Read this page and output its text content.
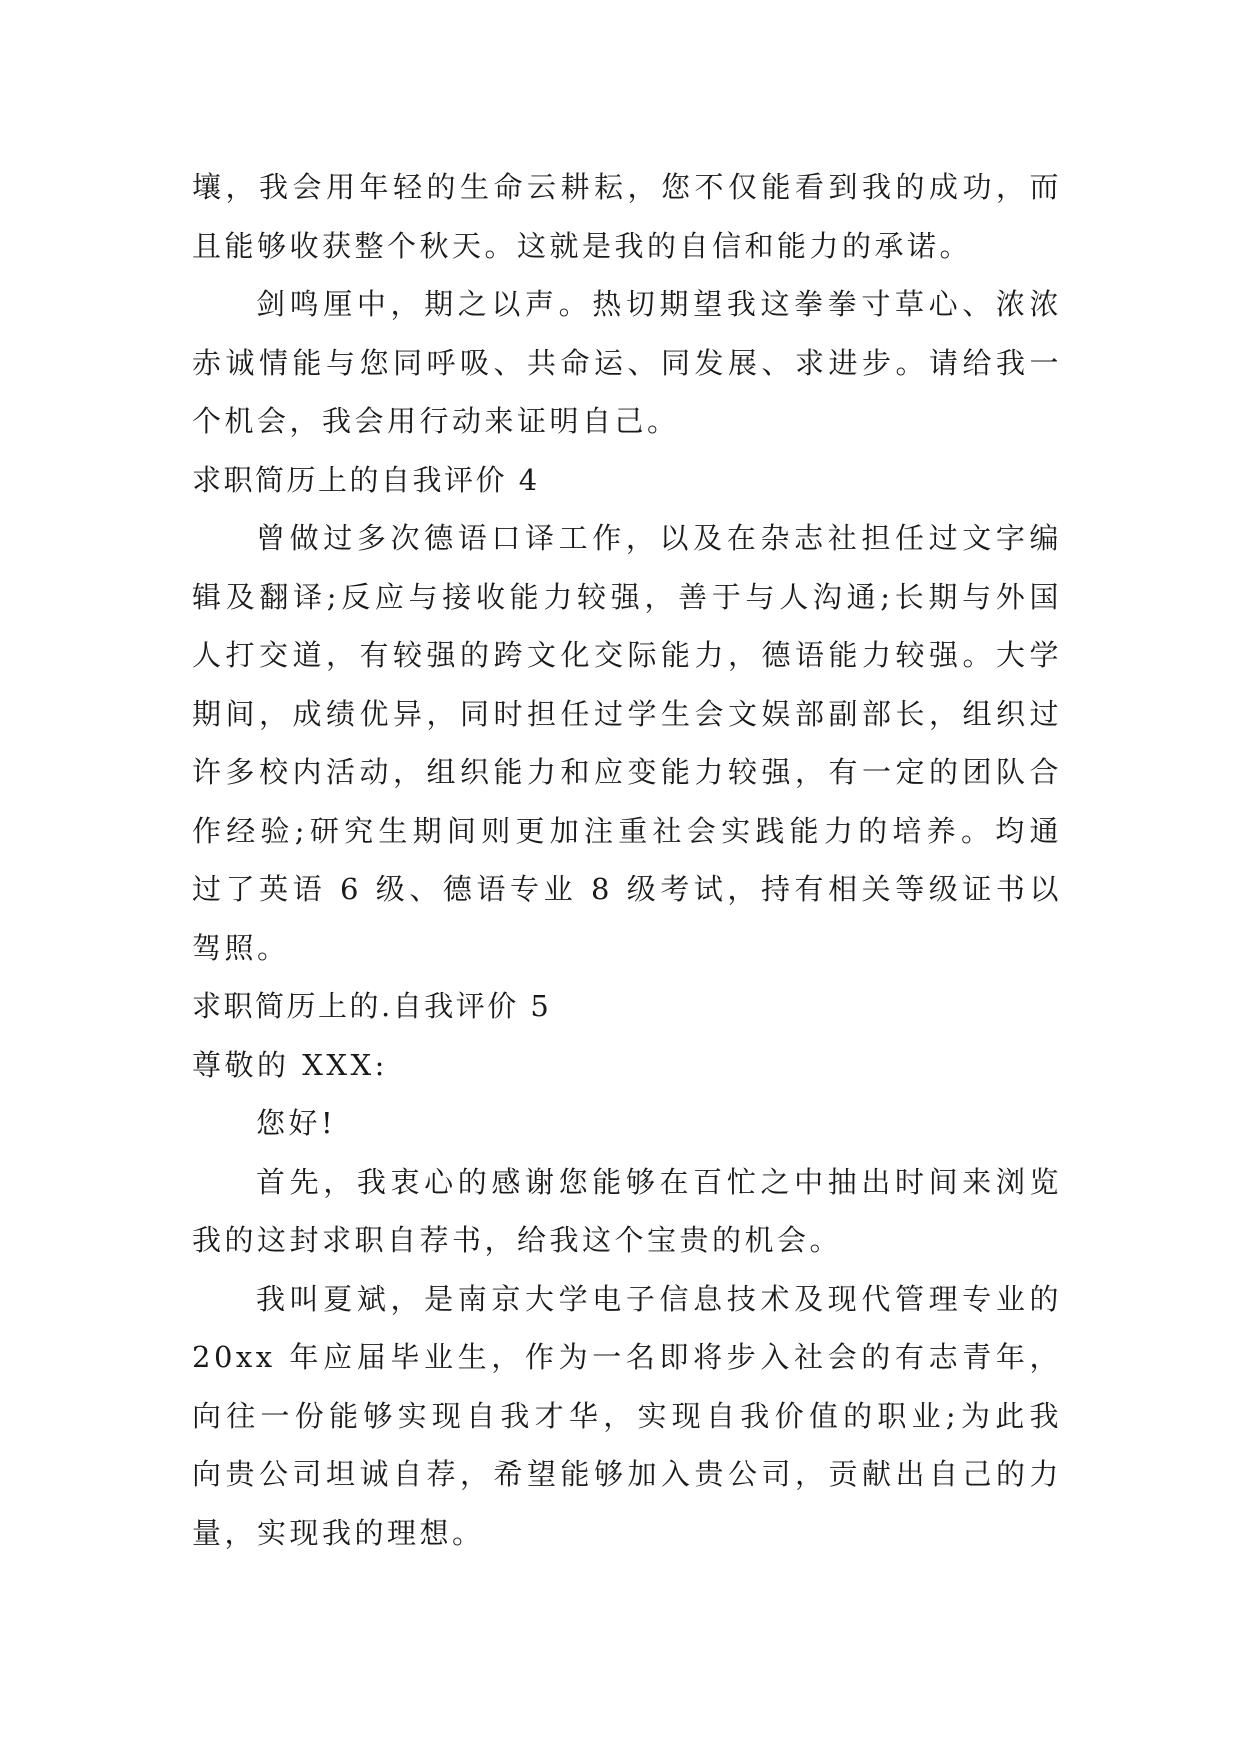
壤，我会用年轻的生命云耕耘，您不仅能看到我的成功，而
且能够收获整个秋天。这就是我的自信和能力的承诺。
剑鸣厘中，期之以声。热切期望我这拳拳寸草心、浓浓
赤诚情能与您同呼吸、共命运、同发展、求进步。请给我一
个机会，我会用行动来证明自己。
求职简历上的自我评价 4
曾做过多次德语口译工作，以及在杂志社担任过文字编
辑及翻译;反应与接收能力较强，善于与人沟通;长期与外国
人打交道，有较强的跨文化交际能力，德语能力较强。大学
期间，成绩优异，同时担任过学生会文娱部副部长，组织过
许多校内活动，组织能力和应变能力较强，有一定的团队合
作经验;研究生期间则更加注重社会实践能力的培养。均通
过了英语 6 级、德语专业 8 级考试，持有相关等级证书以
驾照。
求职简历上的.自我评价 5
尊敬的 XXX:
您好!
首先，我衷心的感谢您能够在百忙之中抽出时间来浏览
我的这封求职自荐书，给我这个宝贵的机会。
我叫夏斌，是南京大学电子信息技术及现代管理专业的
20xx 年应届毕业生，作为一名即将步入社会的有志青年，
向往一份能够实现自我才华，实现自我价值的职业;为此我
向贵公司坦诚自荐，希望能够加入贵公司，贡献出自己的力
量，实现我的理想。
